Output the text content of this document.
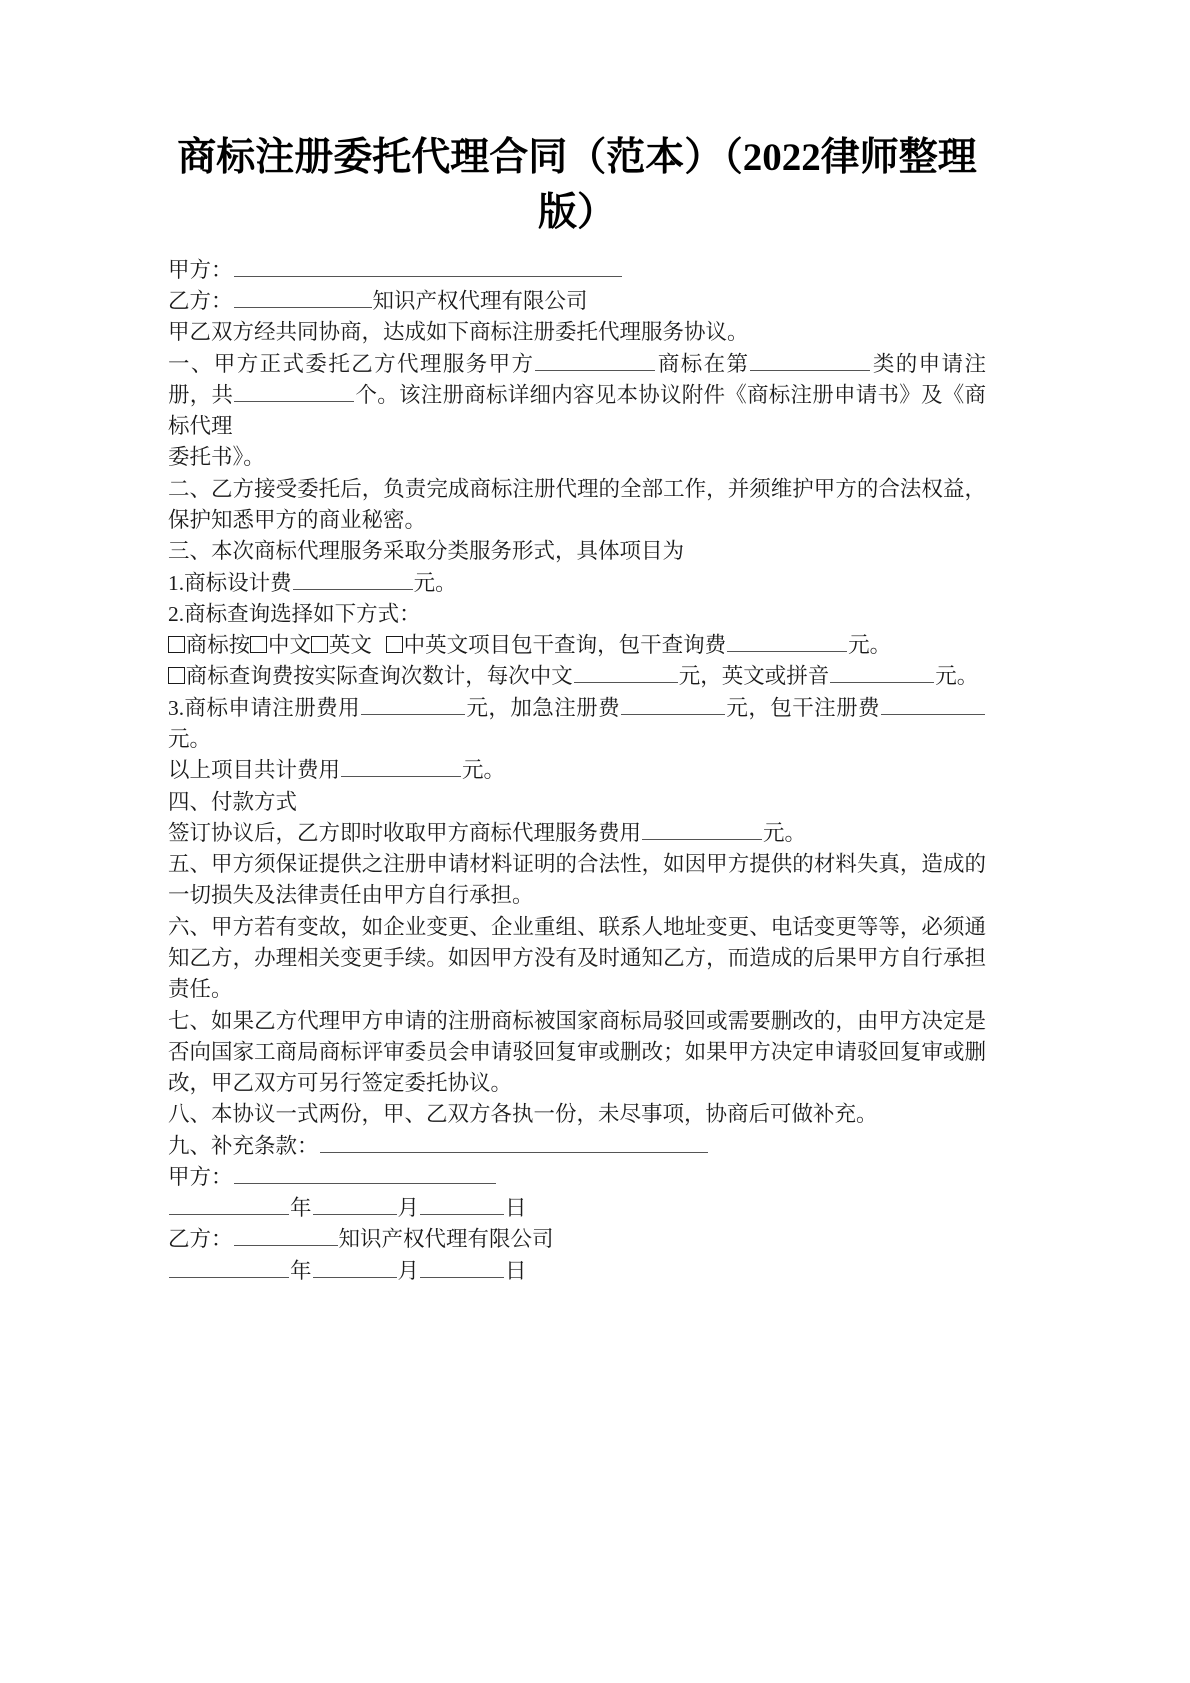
商标注册委托代理合同（范本）（2022律师整理版）

甲方：

乙方：	知识产权代理有限公司

甲乙双方经共同协商，达成如下商标注册委托代理服务协议。

一、甲方正式委托乙方代理服务甲方	商标在第	类的申请注册，共	个。该注册商标详细内容见本协议附件《商标注册申请书》及《商标代理

委托书》。

二、乙方接受委托后，负责完成商标注册代理的全部工作，并须维护甲方的合法权益，保护知悉甲方的商业秘密。

三、本次商标代理服务采取分类服务形式，具体项目为

1.商标设计费	元。

2.商标查询选择如下方式：

商标按 中文 英文 中英文项目包干查询，包干查询费	元。

商标查询费按实际查询次数计，每次中文	元，英文或拼音	元。

3.商标申请注册费用	元，加急注册费	元，包干注册费元。

以上项目共计费用	元。

四、付款方式

签订协议后，乙方即时收取甲方商标代理服务费用	元。

五、甲方须保证提供之注册申请材料证明的合法性，如因甲方提供的材料失真，造成的一切损失及法律责任由甲方自行承担。

六、甲方若有变故，如企业变更、企业重组、联系人地址变更、电话变更等等，必须通知乙方，办理相关变更手续。如因甲方没有及时通知乙方，而造成的后果甲方自行承担责任。

七、如果乙方代理甲方申请的注册商标被国家商标局驳回或需要删改的，由甲方决定是否向国家工商局商标评审委员会申请驳回复审或删改；如果甲方决定申请驳回复审或删改，甲乙双方可另行签定委托协议。

八、本协议一式两份，甲、乙双方各执一份，未尽事项，协商后可做补充。

九、补充条款：

甲方：

年	月	日

乙方：	知识产权代理有限公司

年	月	日
